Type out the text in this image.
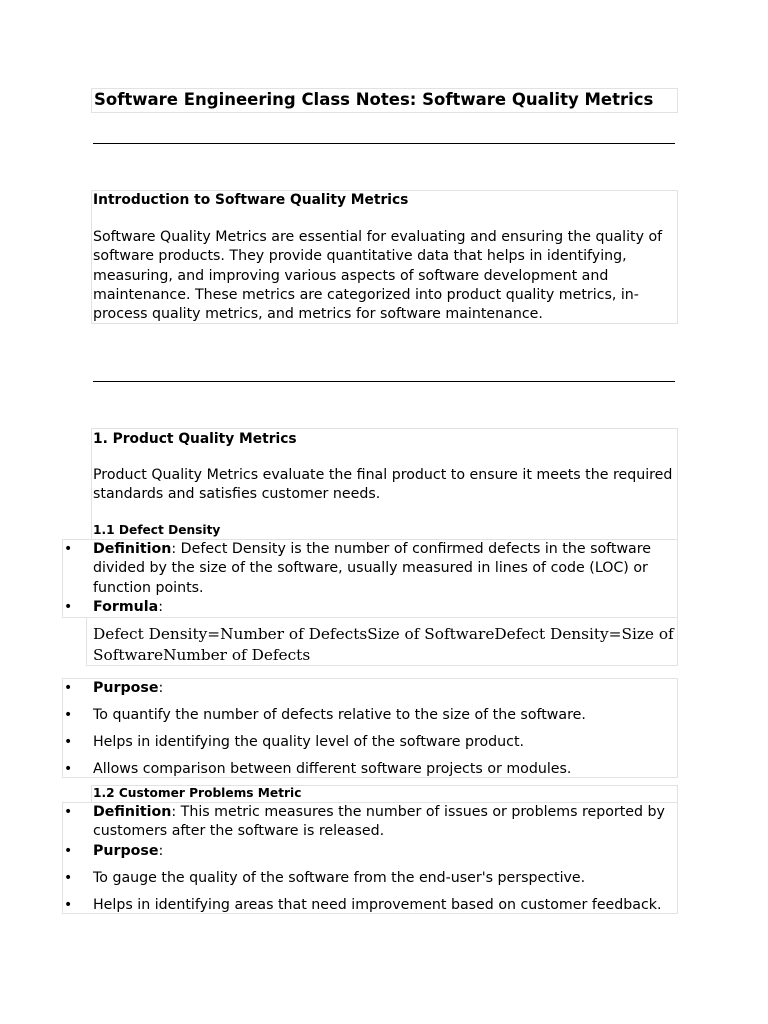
Software Engineering Class Notes: Software Quality Metrics
Introduction to Software Quality Metrics

Software Quality Metrics are essential for evaluating and ensuring the quality of software products. They provide quantitative data that helps in identifying, measuring, and improving various aspects of software development and maintenance. These metrics are categorized into product quality metrics, in-process quality metrics, and metrics for software maintenance.

1. Product Quality Metrics

Product Quality Metrics evaluate the final product to ensure it meets the required standards and satisfies customer needs.

1.1 Defect Density
• Definition: Defect Density is the number of confirmed defects in the software divided by the size of the software, usually measured in lines of code (LOC) or function points.

• Formula:

Defect Density=Number of DefectsSize of SoftwareDefect Density=Size of SoftwareNumber of Defects

• Purpose:

• To quantify the number of defects relative to the size of the software.

• Helps in identifying the quality level of the software product.

• Allows comparison between different software projects or modules.

1.2 Customer Problems Metric
• Definition: This metric measures the number of issues or problems reported by customers after the software is released.

• Purpose:

• To gauge the quality of the software from the end-user's perspective.

• Helps in identifying areas that need improvement based on customer feedback.
